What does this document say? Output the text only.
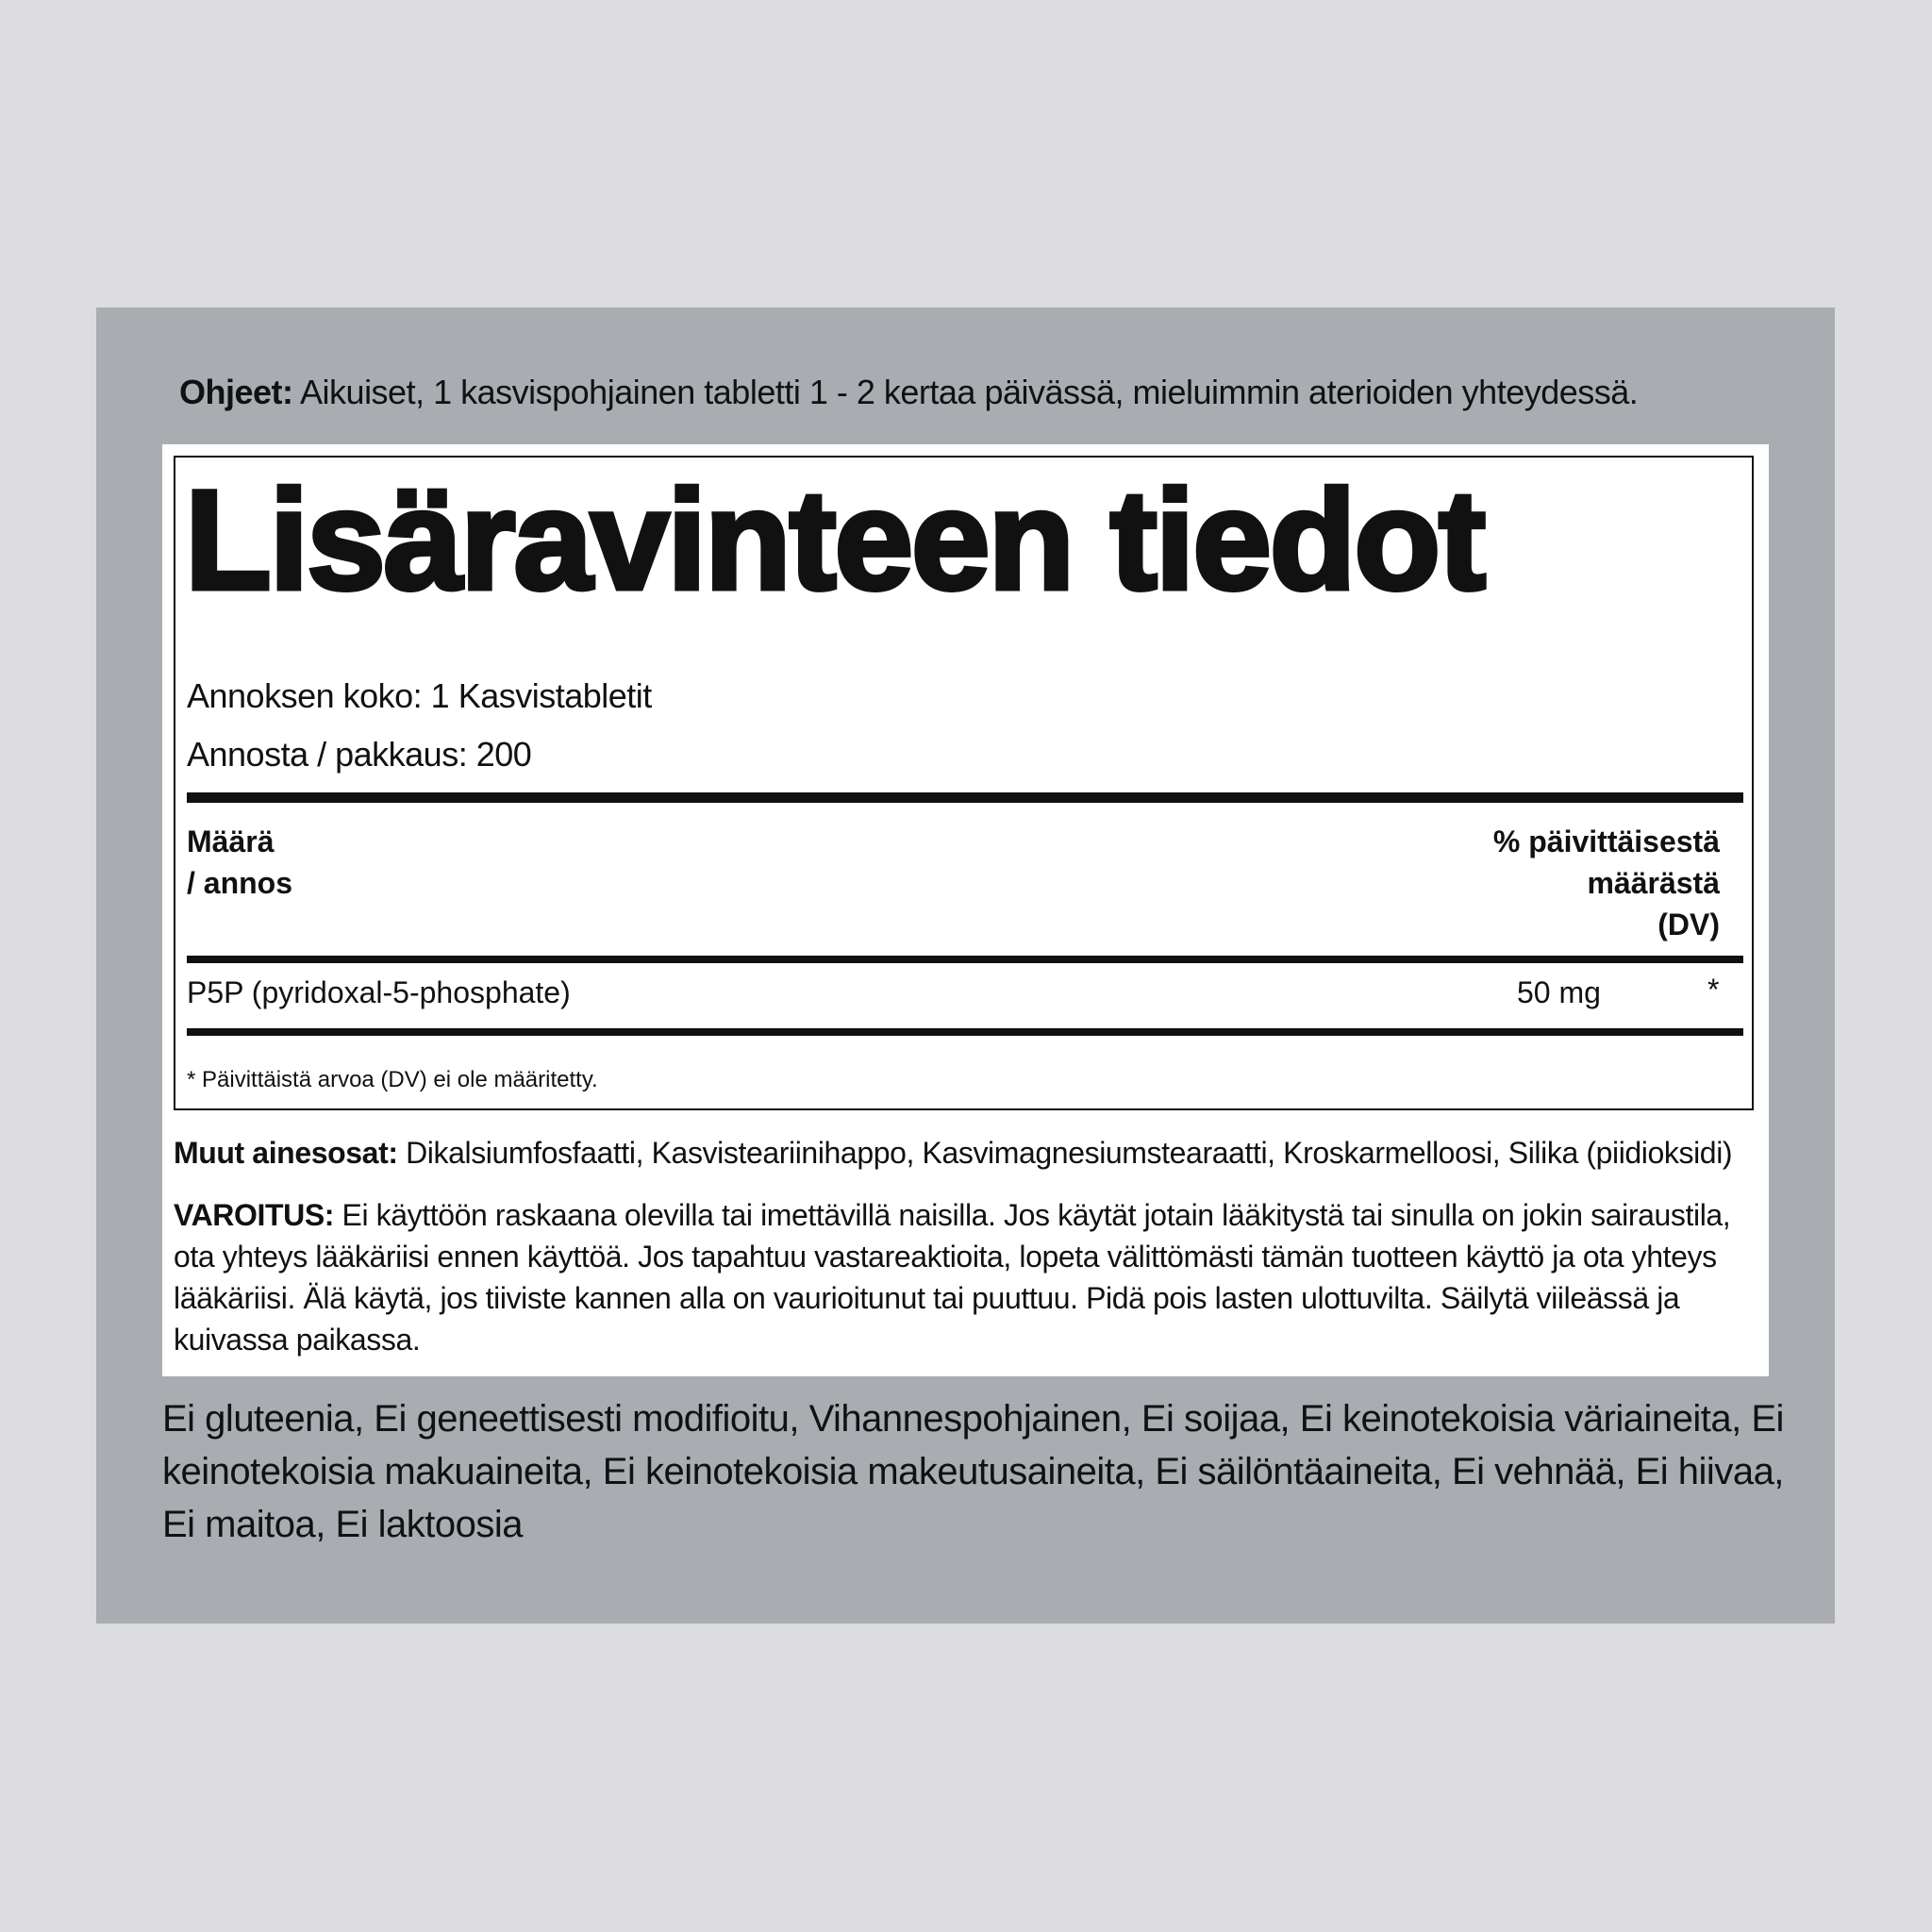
Ohjeet: Aikuiset, 1 kasvispohjainen tabletti 1 - 2 kertaa päivässä, mieluimmin aterioiden yhteydessä.
Lisäravinteen tiedot
Annoksen koko: 1 Kasvistabletit
Annosta / pakkaus: 200
Määrä
/ annos
% päivittäisestä
määrästä
(DV)
P5P (pyridoxal-5-phosphate)	50 mg	*
* Päivittäistä arvoa (DV) ei ole määritetty.
Muut ainesosat: Dikalsiumfosfaatti, Kasvisteariinihappo, Kasvimagnesiumstearaatti, Kroskarmelloosi, Silika (piidioksidi)
VAROITUS: Ei käyttöön raskaana olevilla tai imettävillä naisilla. Jos käytät jotain lääkitystä tai sinulla on jokin sairaustila, ota yhteys lääkäriisi ennen käyttöä. Jos tapahtuu vastareaktioita, lopeta välittömästi tämän tuotteen käyttö ja ota yhteys lääkäriisi. Älä käytä, jos tiiviste kannen alla on vaurioitunut tai puuttuu. Pidä pois lasten ulottuvilta. Säilytä viileässä ja kuivassa paikassa.
Ei gluteenia, Ei geneettisesti modifioitu, Vihannespohjainen, Ei soijaa, Ei keinotekoisia väriaineita, Ei keinotekoisia makuaineita, Ei keinotekoisia makeutusaineita, Ei säilöntäaineita, Ei vehnää, Ei hiivaa, Ei maitoa, Ei laktoosia
